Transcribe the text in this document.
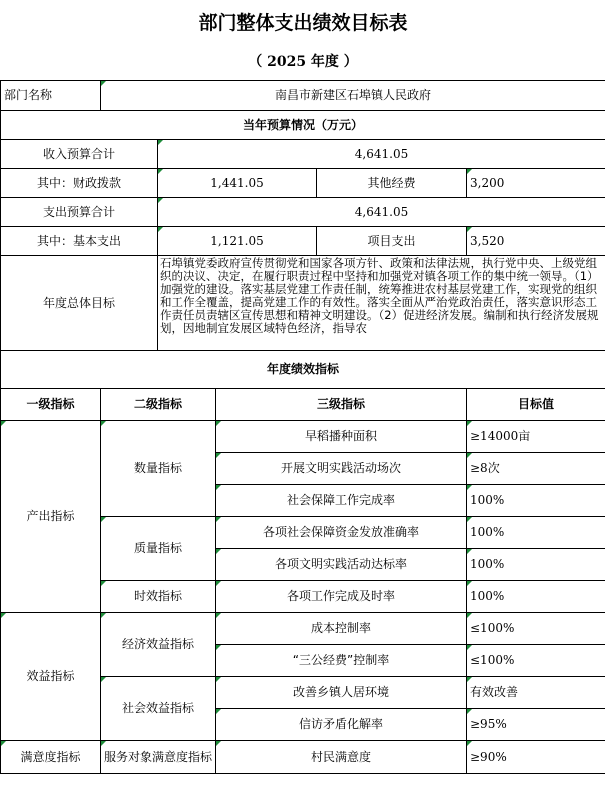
部门整体支出绩效目标表					
（ 2025 年度 ）					
部门名称	南昌市新建区石埠镇人民政府				
当年预算情况（万元）					
收入预算合计		4,641.05			
其中：财政拨款		1,441.05		其他经费	3,200
支出预算合计		4,641.05			
其中：基本支出		1,121.05		项目支出	3,520
年度总体目标		石埠镇党委政府宣传贯彻党和国家各项方针、政策和法律法规，执行党中央、上级党组织的决议、决定，在履行职责过程中坚持和加强党对镇各项工作的集中统一领导。（1）加强党的建设。落实基层党建工作责任制，统筹推进农村基层党建工作，实现党的组织和工作全覆盖，提高党建工作的有效性。落实全面从严治党政治责任，落实意识形态工作责任员责辖区宣传思想和精神文明建设。（2）促进经济发展。编制和执行经济发展规划，因地制宜发展区域特色经济，指导农			

年度绩效指标					
一级指标	二级指标		三级指标		目标值
产出指标	数量指标		早稻播种面积		≥14000亩
			开展文明实践活动场次		≥8次
			社会保障工作完成率		100%
	质量指标		各项社会保障资金发放准确率		100%
			各项文明实践活动达标率		100%
	时效指标		各项工作完成及时率		100%
效益指标	经济效益指标		成本控制率		≤100%
			“三公经费”控制率		≤100%
	社会效益指标		改善乡镇人居环境		有效改善
			信访矛盾化解率		≥95%
满意度指标	服务对象满意度指标		村民满意度		≥90%
